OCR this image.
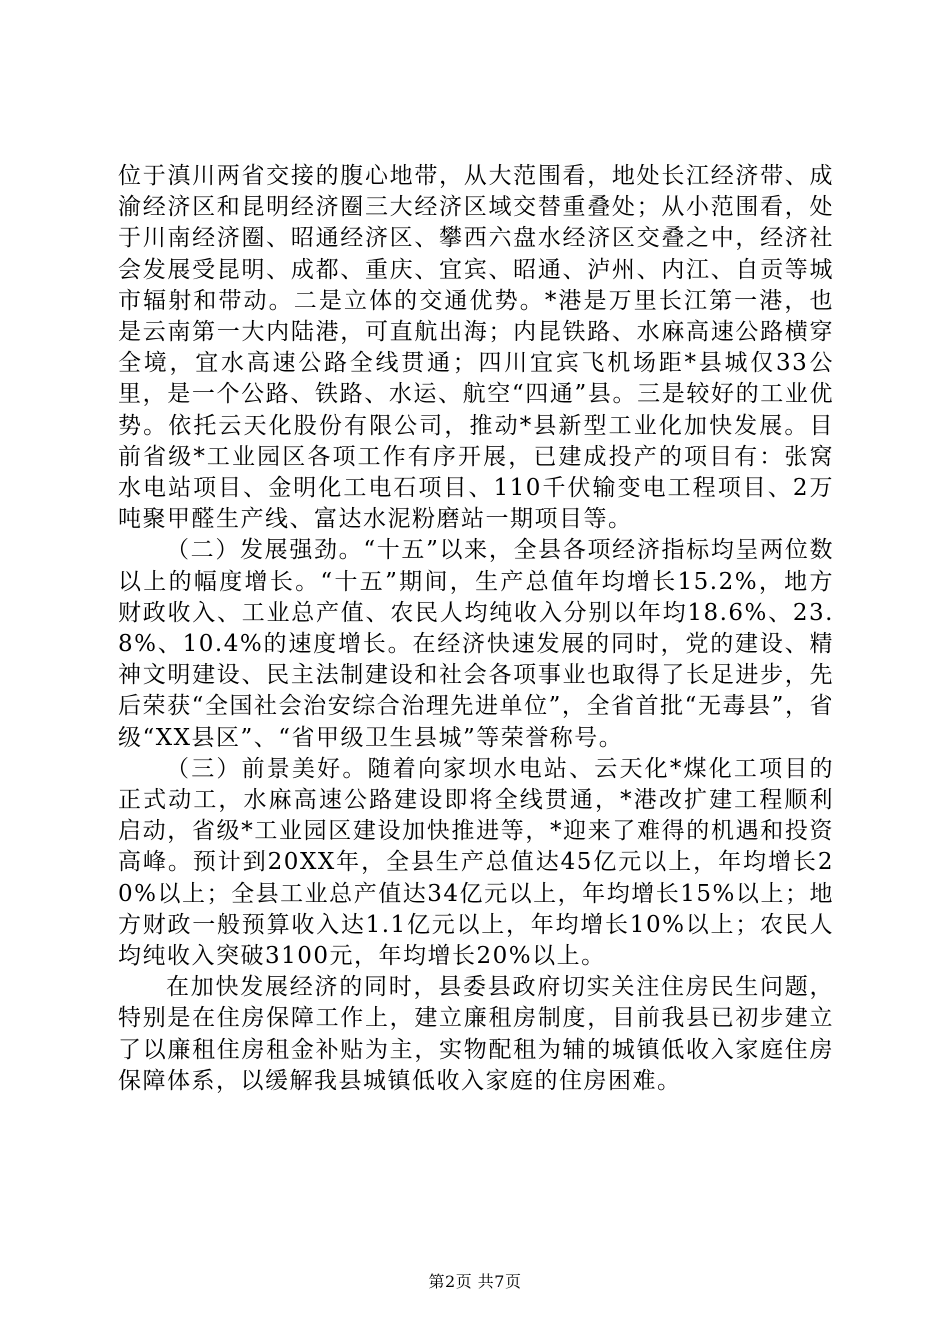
位于滇川两省交接的腹心地带，从大范围看，地处长江经济带、成渝经济区和昆明经济圈三大经济区域交替重叠处；从小范围看，处于川南经济圈、昭通经济区、攀西六盘水经济区交叠之中，经济社会发展受昆明、成都、重庆、宜宾、昭通、泸州、内江、自贡等城市辐射和带动。二是立体的交通优势。*港是万里长江第一港，也是云南第一大内陆港，可直航出海；内昆铁路、水麻高速公路横穿全境，宜水高速公路全线贯通；四川宜宾飞机场距*县城仅33公里，是一个公路、铁路、水运、航空“四通”县。三是较好的工业优势。依托云天化股份有限公司，推动*县新型工业化加快发展。目前省级*工业园区各项工作有序开展，已建成投产的项目有：张窝水电站项目、金明化工电石项目、110千伏输变电工程项目、2万吨聚甲醛生产线、富达水泥粉磨站一期项目等。

（二）发展强劲。“十五”以来，全县各项经济指标均呈两位数以上的幅度增长。“十五”期间，生产总值年均增长15.2%，地方财政收入、工业总产值、农民人均纯收入分别以年均18.6%、23.8%、10.4%的速度增长。在经济快速发展的同时，党的建设、精神文明建设、民主法制建设和社会各项事业也取得了长足进步，先后荣获“全国社会治安综合治理先进单位”，全省首批“无毒县”，省级“XX县区”、“省甲级卫生县城”等荣誉称号。

（三）前景美好。随着向家坝水电站、云天化*煤化工项目的正式动工，水麻高速公路建设即将全线贯通，*港改扩建工程顺利启动，省级*工业园区建设加快推进等，*迎来了难得的机遇和投资高峰。预计到20XX年，全县生产总值达45亿元以上，年均增长20%以上；全县工业总产值达34亿元以上，年均增长15%以上；地方财政一般预算收入达1.1亿元以上，年均增长10%以上；农民人均纯收入突破3100元，年均增长20%以上。

在加快发展经济的同时，县委县政府切实关注住房民生问题，特别是在住房保障工作上，建立廉租房制度，目前我县已初步建立了以廉租住房租金补贴为主，实物配租为辅的城镇低收入家庭住房保障体系，以缓解我县城镇低收入家庭的住房困难。

第2页 共7页
